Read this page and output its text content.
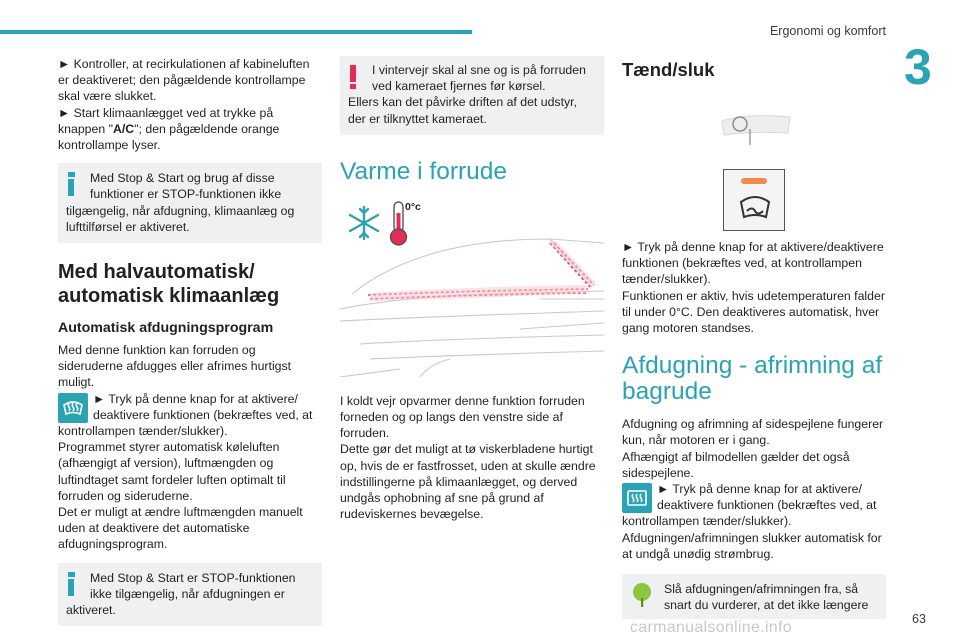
Ergonomi og komfort
3

► Kontroller, at recirkulationen af kabineluften er deaktiveret; den pågældende kontrollampe skal være slukket.

► Start klimaanlægget ved at trykke på knappen "A/C"; den pågældende orange kontrollampe lyser.

Med Stop & Start og brug af disse funktioner er STOP-funktionen ikke
tilgængelig, når afdugning, klimaanlæg og lufttilførsel er aktiveret.
Med halvautomatisk/
automatisk klimaanlæg
Automatisk afdugningsprogram

Med denne funktion kan forruden og sideruderne afdugges eller afrimes hurtigst muligt.

► Tryk på denne knap for at aktivere/
deaktivere funktionen (bekræftes ved, at

kontrollampen tænder/slukker).

Programmet styrer automatisk køleluften (afhængigt af version), luftmængden og luftindtaget samt fordeler luften optimalt til forruden og sideruderne.

Det er muligt at ændre luftmængden manuelt uden at deaktivere det automatiske afdugningsprogram.

Med Stop & Start er STOP-funktionen ikke tilgængelig, når afdugningen er
aktiveret.
I vintervejr skal al sne og is på forruden ved kameraet fjernes før kørsel.
Ellers kan det påvirke driften af det udstyr, der er tilknyttet kameraet.
Varme i forrude
0°c

I koldt vejr opvarmer denne funktion forruden forneden og op langs den venstre side af forruden.

Dette gør det muligt at tø viskerbladene hurtigt op, hvis de er fastfrosset, uden at skulle ændre indstillingerne på klimaanlægget, og derved undgås ophobning af sne på grund af rudeviskernes bevægelse.

Tænd/sluk

► Tryk på denne knap for at aktivere/deaktivere funktionen (bekræftes ved, at kontrollampen tænder/slukker).

Funktionen er aktiv, hvis udetemperaturen falder til under 0°C. Den deaktiveres automatisk, hver gang motoren standses.

Afdugning - afrimning af
bagrude

Afdugning og afrimning af sidespejlene fungerer kun, når motoren er i gang.

Afhængigt af bilmodellen gælder det også sidespejlene.

► Tryk på denne knap for at aktivere/
deaktivere funktionen (bekræftes ved, at

kontrollampen tænder/slukker).

Afdugningen/afrimningen slukker automatisk for at undgå unødig strømbrug.

Slå afdugningen/afrimningen fra, så snart du vurderer, at det ikke længere
carmanualsonline.info	63
